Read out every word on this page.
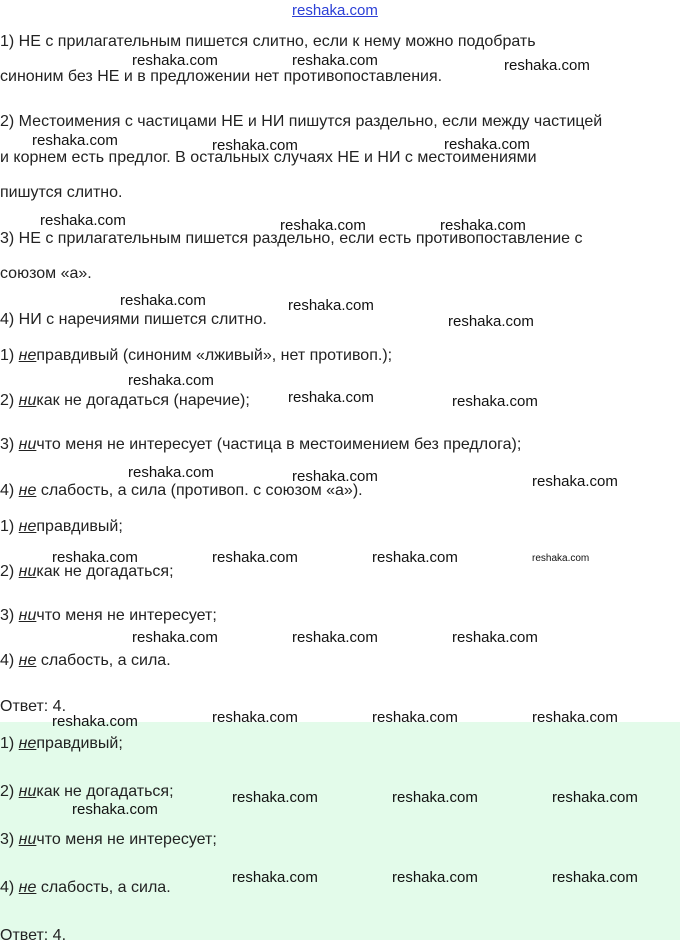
reshaka.com
1) НЕ с прилагательным пишется слитно, если к нему можно подобрать
синоним без НЕ и в предложении нет противопоставления.
2) Местоимения с частицами НЕ и НИ пишутся раздельно, если между частицей
и корнем есть предлог. В остальных случаях НЕ и НИ с местоимениями
пишутся слитно.
3) НЕ с прилагательным пишется раздельно, если есть противопоставление с
союзом «а».
4) НИ с наречиями пишется слитно.
1) неправдивый (синоним «лживый», нет противоп.);
2) никак не догадаться (наречие);
3) ничто меня не интересует (частица в местоимением без предлога);
4) не слабость, а сила (противоп. с союзом «а»).
1) неправдивый;
2) никак не догадаться;
3) ничто меня не интересует;
4) не слабость, а сила.
Ответ: 4.
1) неправдивый;
2) никак не догадаться;
3) ничто меня не интересует;
4) не слабость, а сила.
Ответ: 4.
reshaka.com	reshaka.com	reshaka.com
reshaka.com	reshaka.com	reshaka.com
reshaka.com	reshaka.com	reshaka.com
reshaka.com	reshaka.com
reshaka.com
reshaka.com
reshaka.com	reshaka.com
reshaka.com	reshaka.com	reshaka.com
reshaka.com	reshaka.com	reshaka.com	reshaka.com
reshaka.com	reshaka.com	reshaka.com
reshaka.com	reshaka.com	reshaka.com	reshaka.com
reshaka.com	reshaka.com	reshaka.com
reshaka.com
reshaka.com	reshaka.com	reshaka.com
